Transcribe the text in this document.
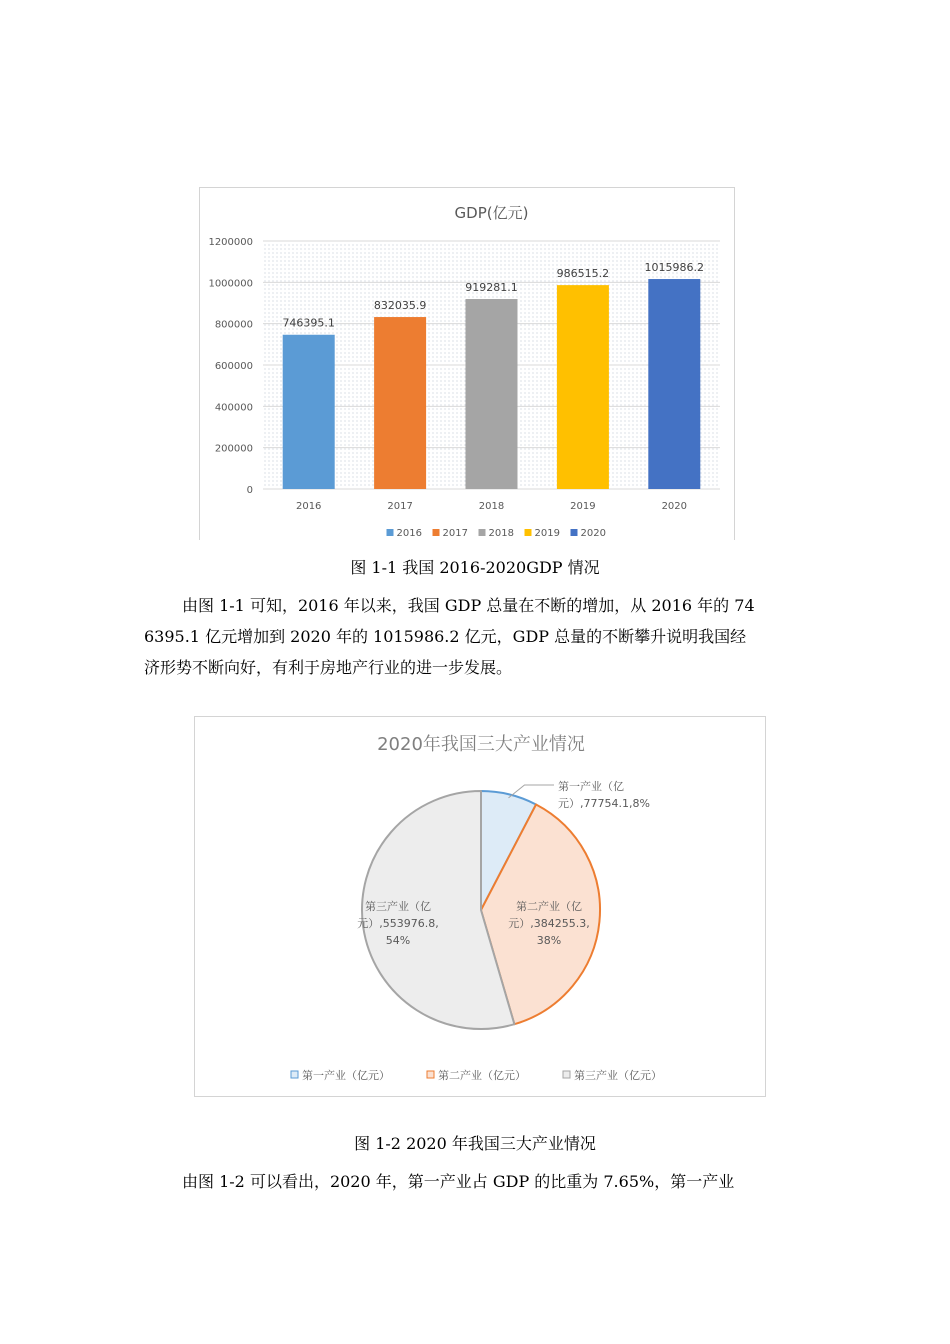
GDP(亿元)
0
200000
400000
600000
800000
1000000
1200000
746395.1
2016
832035.9
2017
919281.1
2018
986515.2
2019
1015986.2
2020
2016 2017 2018 2019 2020
图 1-1 我国 2016-2020GDP 情况
由图 1-1 可知，2016 年以来，我国 GDP 总量在不断的增加，从 2016 年的 74
6395.1 亿元增加到 2020 年的 1015986.2 亿元，GDP 总量的不断攀升说明我国经
济形势不断向好，有利于房地产行业的进一步发展。
2020年我国三大产业情况
第一产业（亿
元）,77754.1,8%
第二产业（亿
元）,384255.3,
38%
第三产业（亿
元）,553976.8,
54%
第一产业（亿元）	第二产业（亿元）	第三产业（亿元）
图 1-2 2020 年我国三大产业情况
由图 1-2 可以看出，2020 年，第一产业占 GDP 的比重为 7.65%，第一产业
